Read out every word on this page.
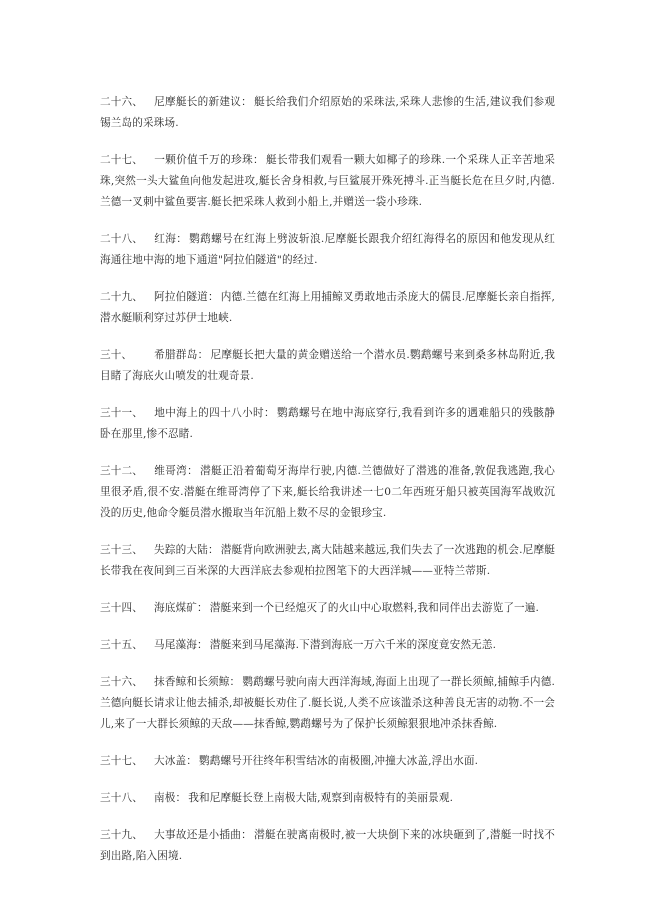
二十六、 尼摩艇长的新建议： 艇长给我们介绍原始的采珠法,采珠人悲惨的生活,建议我们参观锡兰岛的采珠场.

二十七、 一颗价值千万的珍珠： 艇长带我们观看一颗大如椰子的珍珠.一个采珠人正辛苦地采珠,突然一头大鲨鱼向他发起进攻,艇长舍身相救,与巨鲨展开殊死搏斗.正当艇长危在旦夕时,内德.兰德一叉刺中鲨鱼要害.艇长把采珠人救到小船上,并赠送一袋小珍珠.

二十八、 红海： 鹦鹉螺号在红海上劈波斩浪.尼摩艇长跟我介绍红海得名的原因和他发现从红海通往地中海的地下通道"阿拉伯隧道"的经过.

二十九、 阿拉伯隧道： 内德.兰德在红海上用捕鲸叉勇敢地击杀庞大的儒艮.尼摩艇长亲自指挥,潜水艇顺利穿过苏伊士地峡.

三十、 希腊群岛： 尼摩艇长把大量的黄金赠送给一个潜水员.鹦鹉螺号来到桑多林岛附近,我目睹了海底火山喷发的壮观奇景.

三十一、 地中海上的四十八小时： 鹦鹉螺号在地中海底穿行,我看到许多的遇难船只的残骸静卧在那里,惨不忍睹.

三十二、 维哥湾： 潜艇正沿着葡萄牙海岸行驶,内德.兰德做好了潜逃的准备,敦促我逃跑,我心里很矛盾,很不安.潜艇在维哥湾停了下来,艇长给我讲述一七0二年西班牙船只被英国海军战败沉没的历史,他命令艇员潜水搬取当年沉船上数不尽的金银珍宝.

三十三、 失踪的大陆： 潜艇背向欧洲驶去,离大陆越来越远,我们失去了一次逃跑的机会.尼摩艇长带我在夜间到三百米深的大西洋底去参观柏拉图笔下的大西洋城——亚特兰蒂斯.

三十四、 海底煤矿： 潜艇来到一个已经熄灭了的火山中心取燃料,我和同伴出去游览了一遍.

三十五、 马尾藻海： 潜艇来到马尾藻海.下潜到海底一万六千米的深度竟安然无恙.

三十六、 抹香鲸和长须鲸： 鹦鹉螺号驶向南大西洋海域,海面上出现了一群长须鲸,捕鲸手内德.兰德向艇长请求让他去捕杀,却被艇长劝住了.艇长说,人类不应该滥杀这种善良无害的动物.不一会儿,来了一大群长须鲸的天敌——抹香鲸,鹦鹉螺号为了保护长须鲸狠狠地冲杀抹香鲸.

三十七、 大冰盖： 鹦鹉螺号开往终年积雪结冰的南极圈,冲撞大冰盖,浮出水面.

三十八、 南极： 我和尼摩艇长登上南极大陆,观察到南极特有的美丽景观.

三十九、 大事故还是小插曲： 潜艇在驶离南极时,被一大块倒下来的冰块砸到了,潜艇一时找不到出路,陷入困境.
